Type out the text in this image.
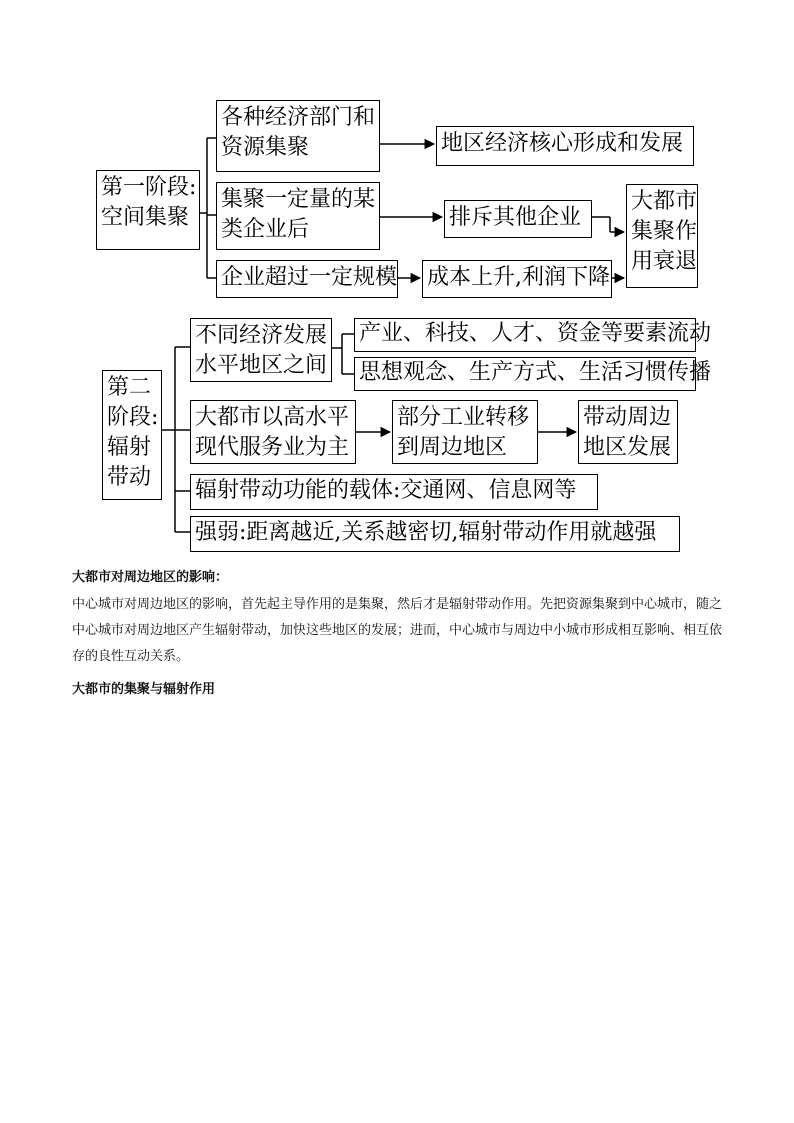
第一阶段:
空间集聚
各种经济部门和
资源集聚	地区经济核心形成和发展
集聚一定量的某
类企业后	排斥其他企业
企业超过一定规模 成本上升,利润下降
大都市
集聚作
用衰退
第二
阶段:
辐射
带动
不同经济发展
水平地区之间
产业、科技、人才、资金等要素流动
思想观念、生产方式、生活习惯传播
大都市以高水平
现代服务业为主
部分工业转移
到周边地区
带动周边
地区发展
辐射带动功能的载体:交通网、信息网等
强弱:距离越近,关系越密切,辐射带动作用就越强
大都市对周边地区的影响：
中心城市对周边地区的影响，首先起主导作用的是集聚，然后才是辐射带动作用。先把资源集聚到中心城市，随之中心城市对周边地区产生辐射带动，加快这些地区的发展；进而，中心城市与周边中小城市形成相互影响、相互依存的良性互动关系。
大都市的集聚与辐射作用
